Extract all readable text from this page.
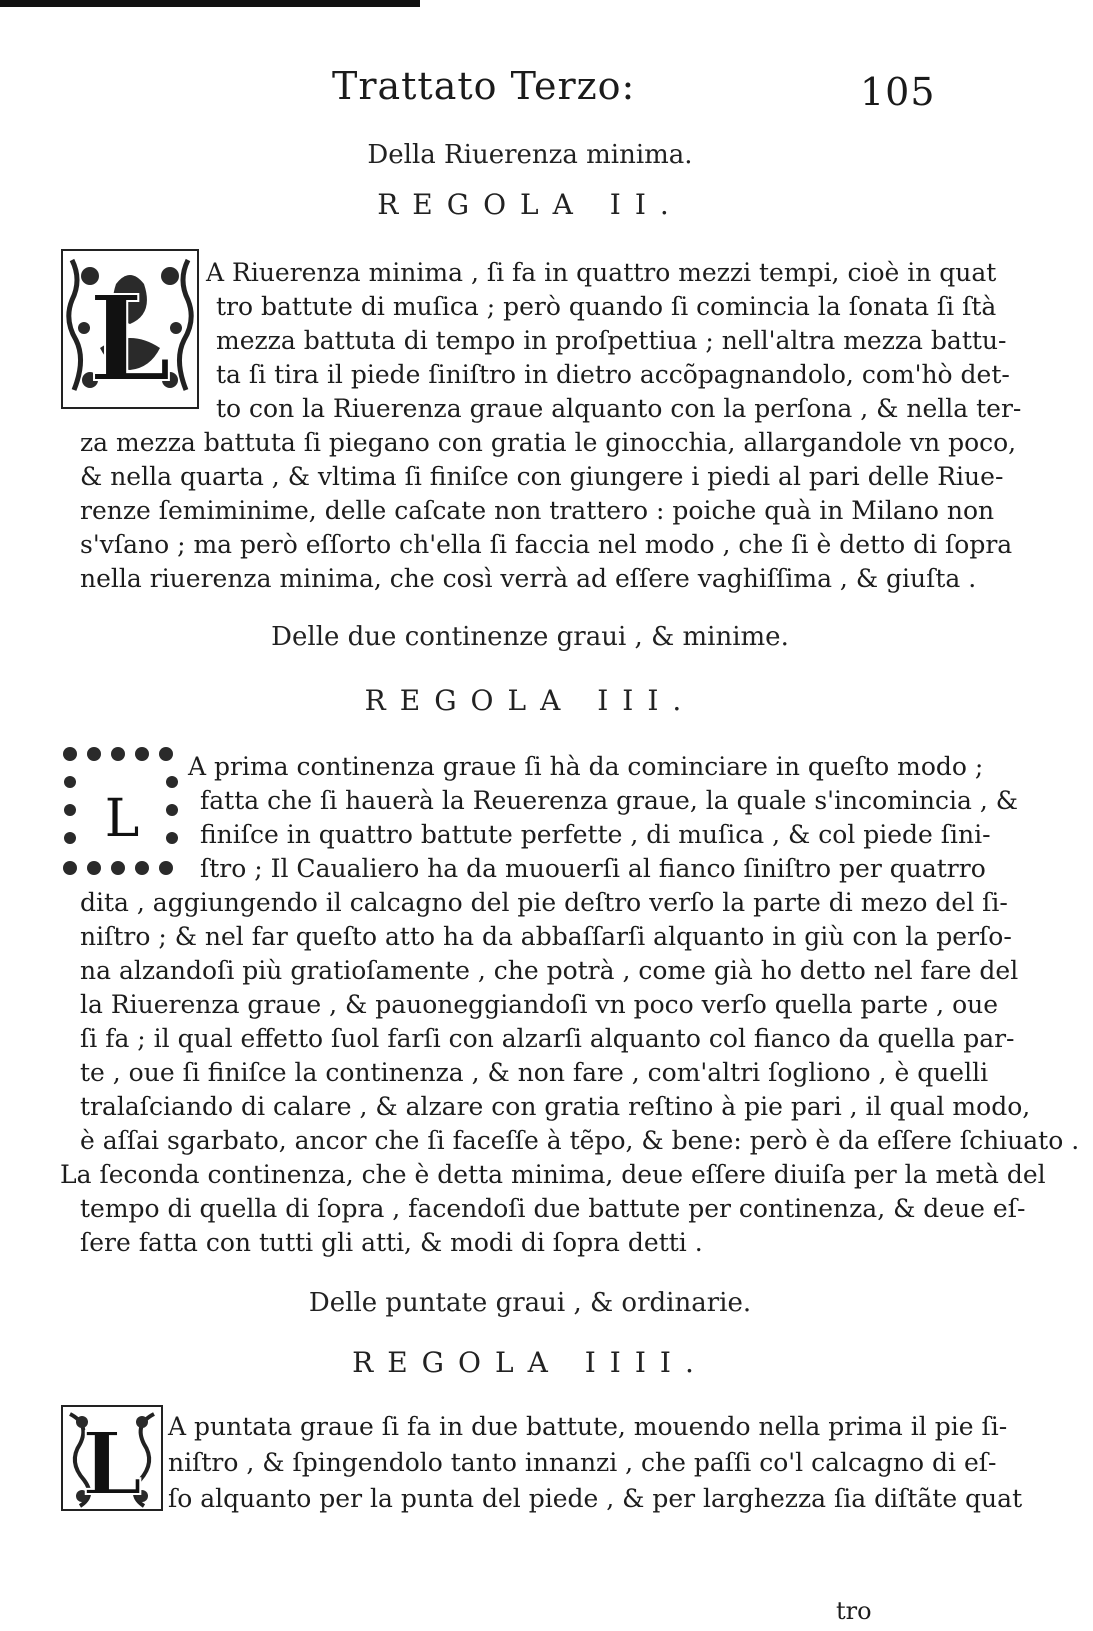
Trattato Terzo:	105
Della Riuerenza minima.
REGOLA II.
L A Riuerenza minima , ſi fa in quattro mezzi tempi, cioè in quat
tro battute di muſica ; però quando ſi comincia la ſonata ſi ſtà
mezza battuta di tempo in proſpettiua ; nell'altra mezza battu-
ta ſi tira il piede ſiniſtro in dietro accõpagnandolo, com'hò det-
to con la Riuerenza graue alquanto con la perſona , & nella ter-
za mezza battuta ſi piegano con gratia le ginocchia, allargandole vn poco,
& nella quarta , & vltima ſi finiſce con giungere i piedi al pari delle Riue-
renze ſemiminime, delle caſcate non trattero : poiche quà in Milano non
s'vſano ; ma però eſſorto ch'ella ſi faccia nel modo , che ſi è detto di ſopra
nella riuerenza minima, che così verrà ad eſſere vaghiſſima , & giuſta .
Delle due continenze graui , & minime.
REGOLA III.
L
A prima continenza graue ſi hà da cominciare in queſto modo ;
fatta che ſi hauerà la Reuerenza graue, la quale s'incomincia , &
finiſce in quattro battute perfette , di muſica , & col piede ſini-
ſtro ; Il Caualiero ha da muouerſi al fianco ſiniſtro per quatrro
dita , aggiungendo il calcagno del pie deſtro verſo la parte di mezo del ſi-
niſtro ; & nel far queſto atto ha da abbaſſarſi alquanto in giù con la perſo-
na alzandoſi più gratioſamente , che potrà , come già ho detto nel fare del
la Riuerenza graue , & pauoneggiandoſi vn poco verſo quella parte , oue
ſi fa ; il qual effetto ſuol farſi con alzarſi alquanto col fianco da quella par-
te , oue ſi finiſce la continenza , & non fare , com'altri ſogliono , è quelli
tralaſciando di calare , & alzare con gratia reſtino à pie pari , il qual modo,
è aſſai sgarbato, ancor che ſi faceſſe à tẽpo, & bene: però è da eſſere ſchiuato .
La ſeconda continenza, che è detta minima, deue eſſere diuiſa per la metà del
tempo di quella di ſopra , facendoſi due battute per continenza, & deue eſ-
ſere fatta con tutti gli atti, & modi di ſopra detti .
Delle puntate graui , & ordinarie.
REGOLA IIII.
L A puntata graue ſi fa in due battute, mouendo nella prima il pie ſi-
niſtro , & ſpingendolo tanto innanzi , che paſſi co'l calcagno di eſ-
ſo alquanto per la punta del piede , & per larghezza ſia diſtãte quat
tro
